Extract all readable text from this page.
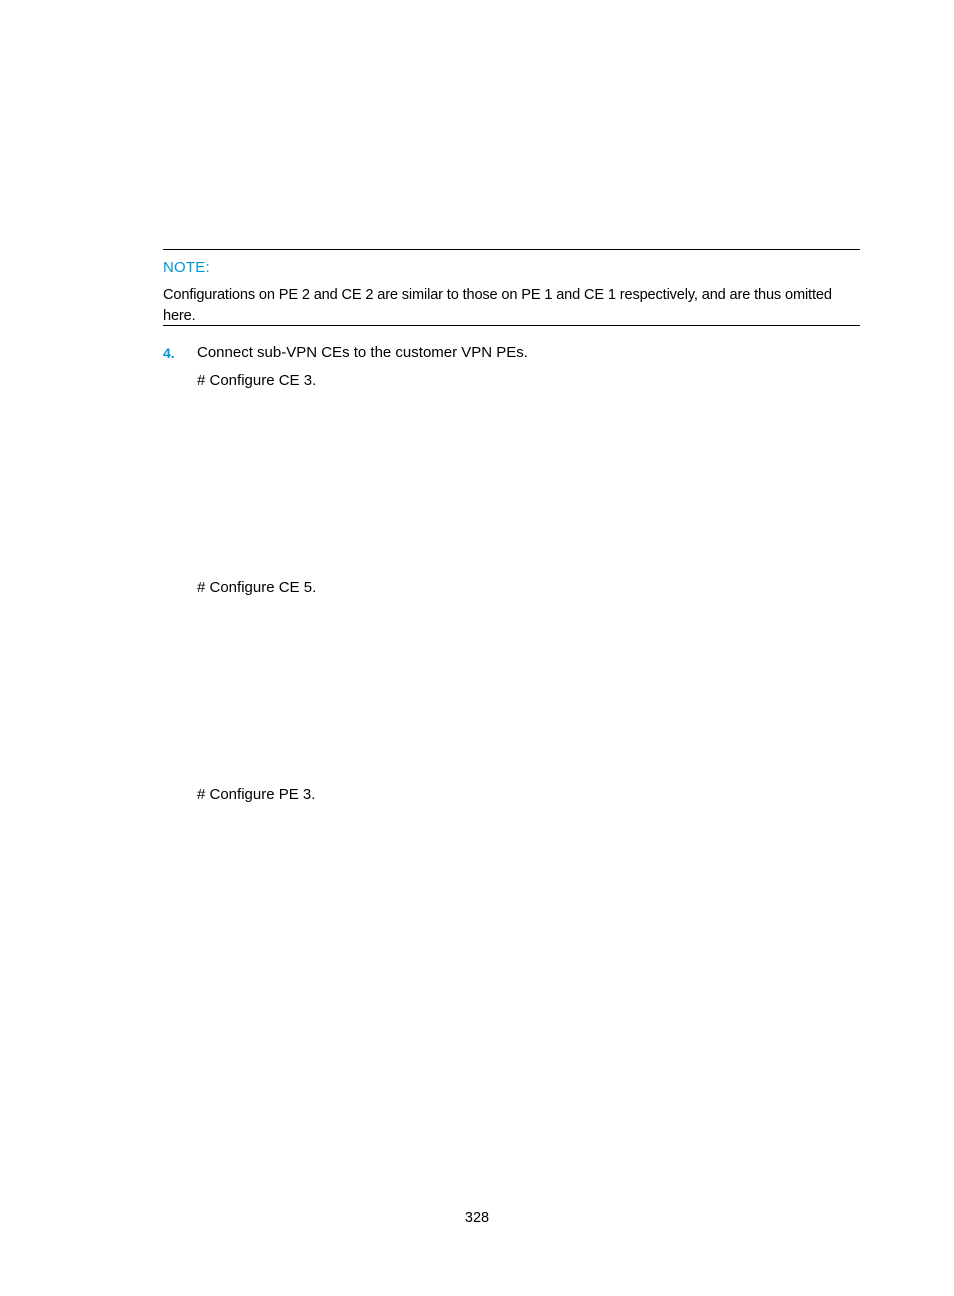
NOTE:
Configurations on PE 2 and CE 2 are similar to those on PE 1 and CE 1 respectively, and are thus omitted here.
4. Connect sub-VPN CEs to the customer VPN PEs.
# Configure CE 3.
# Configure CE 5.
# Configure PE 3.
328
